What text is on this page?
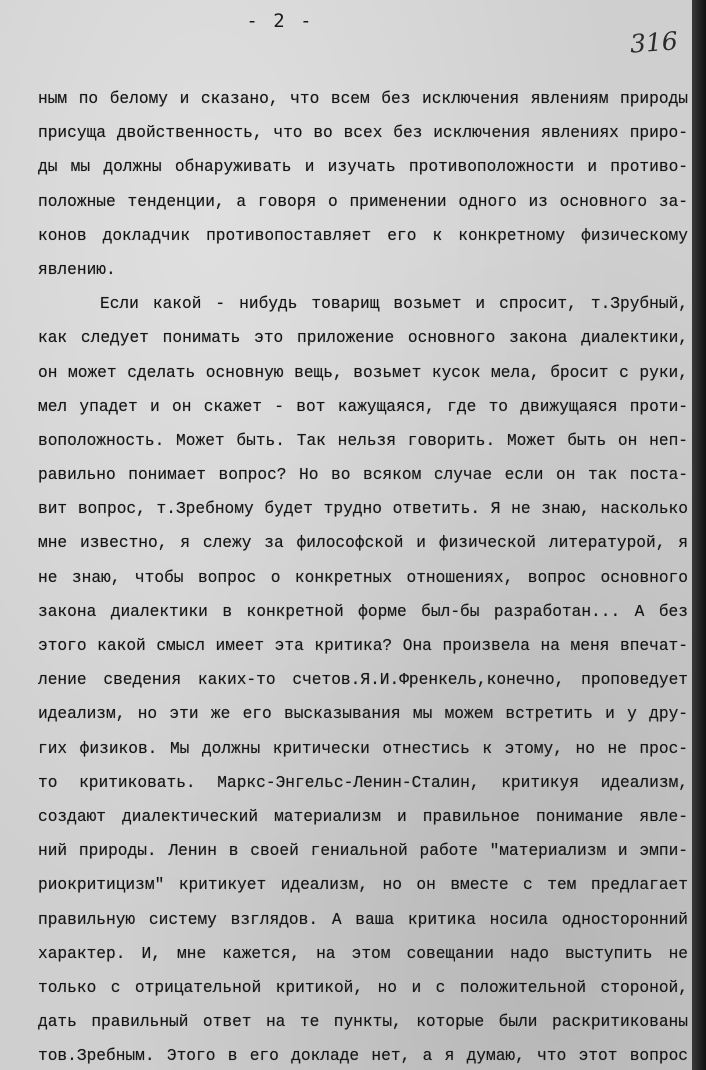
- 2 -
316
ным по белому и сказано, что всем без исключения явлениям природы
присуща двойственность, что во всех без исключения явлениях приро-
ды мы должны обнаруживать и изучать противоположности и противо-
положные тенденции, а говоря о применении одного из основного за-
конов докладчик противопоставляет его к конкретному физическому
явлению.
Если какой - нибудь товарищ возьмет и спросит, т.Зрубный,
как следует понимать это приложение основного закона диалектики,
он может сделать основную вещь, возьмет кусок мела, бросит с руки,
мел упадет и он скажет - вот кажущаяся, где то движущаяся проти-
воположность. Может быть. Так нельзя говорить. Может быть он неп-
равильно понимает вопрос? Но во всяком случае если он так поста-
вит вопрос, т.Зребному будет трудно ответить. Я не знаю, насколько
мне известно, я слежу за философской и физической литературой, я
не знаю, чтобы вопрос о конкретных отношениях, вопрос основного
закона диалектики в конкретной форме был-бы разработан... А без
этого какой смысл имеет эта критика? Она произвела на меня впечат-
ление сведения каких-то счетов.Я.И.Френкель,конечно, проповедует
идеализм, но эти же его высказывания мы можем встретить и у дру-
гих физиков. Мы должны критически отнестись к этому, но не прос-
то критиковать. Маркс-Энгельс-Ленин-Сталин, критикуя идеализм,
создают диалектический материализм и правильное понимание явле-
ний природы. Ленин в своей гениальной работе "материализм и эмпи-
риокритицизм" критикует идеализм, но он вместе с тем предлагает
правильную систему взглядов. А ваша критика носила односторонний
характер. И, мне кажется, на этом совещании надо выступить не
только с отрицательной критикой, но и с положительной стороной,
дать правильный ответ на те пункты, которые были раскритикованы
тов.Зребным. Этого в его докладе нет, а я думаю, что этот вопрос
